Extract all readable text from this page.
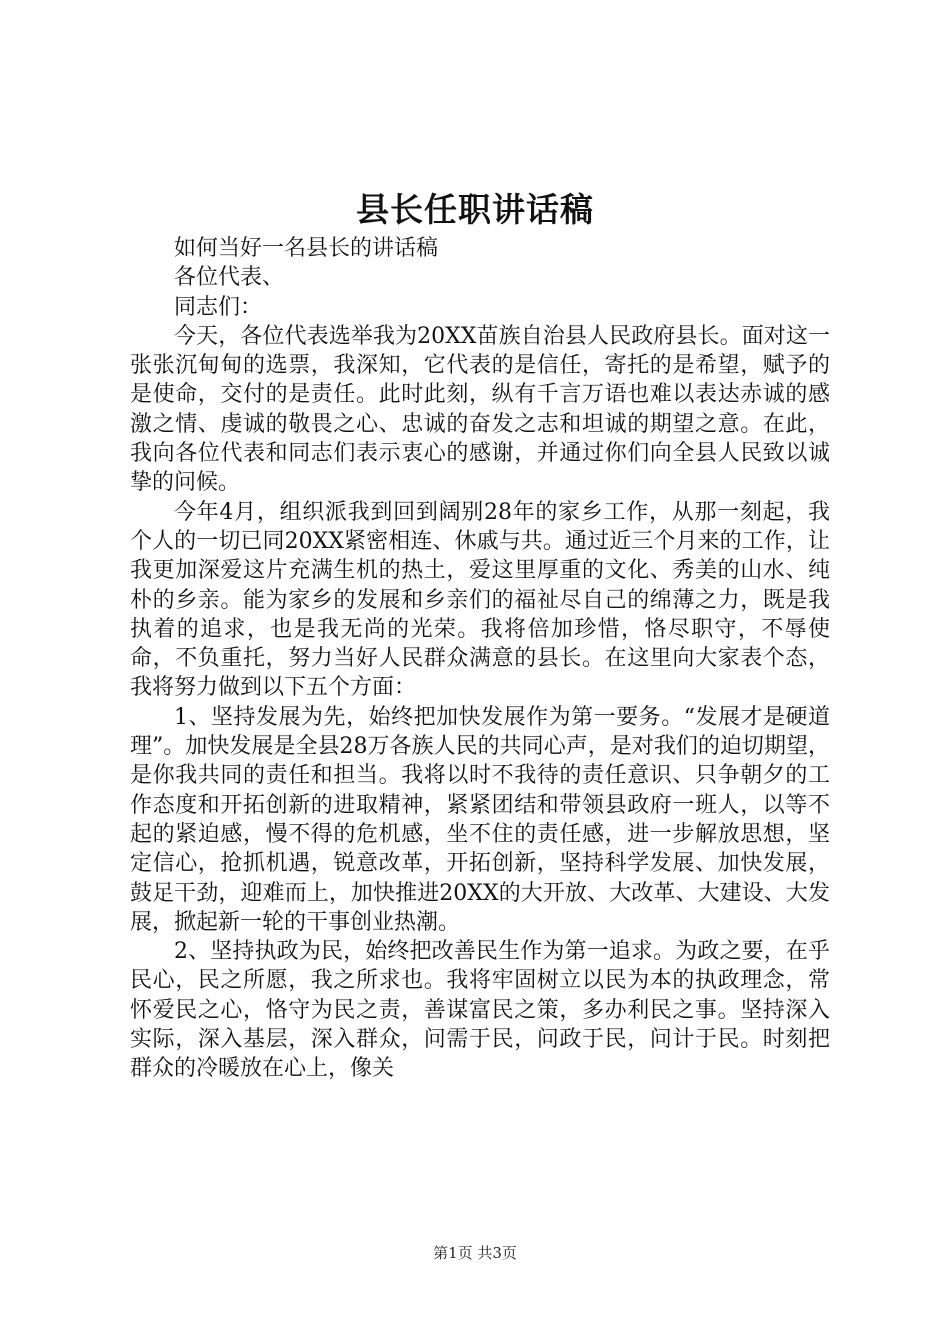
县长任职讲话稿

如何当好一名县长的讲话稿

各位代表、

同志们：

今天，各位代表选举我为20XX苗族自治县人民政府县长。面对这一张张沉甸甸的选票，我深知，它代表的是信任，寄托的是希望，赋予的是使命，交付的是责任。此时此刻，纵有千言万语也难以表达赤诚的感激之情、虔诚的敬畏之心、忠诚的奋发之志和坦诚的期望之意。在此，我向各位代表和同志们表示衷心的感谢，并通过你们向全县人民致以诚挚的问候。

今年4月，组织派我到回到阔别28年的家乡工作，从那一刻起，我个人的一切已同20XX紧密相连、休戚与共。通过近三个月来的工作，让我更加深爱这片充满生机的热土，爱这里厚重的文化、秀美的山水、纯朴的乡亲。能为家乡的发展和乡亲们的福祉尽自己的绵薄之力，既是我执着的追求，也是我无尚的光荣。我将倍加珍惜，恪尽职守，不辱使命，不负重托，努力当好人民群众满意的县长。在这里向大家表个态，我将努力做到以下五个方面：

1、坚持发展为先，始终把加快发展作为第一要务。“发展才是硬道理”。加快发展是全县28万各族人民的共同心声，是对我们的迫切期望，是你我共同的责任和担当。我将以时不我待的责任意识、只争朝夕的工作态度和开拓创新的进取精神，紧紧团结和带领县政府一班人，以等不起的紧迫感，慢不得的危机感，坐不住的责任感，进一步解放思想，坚定信心，抢抓机遇，锐意改革，开拓创新，坚持科学发展、加快发展，鼓足干劲，迎难而上，加快推进20XX的大开放、大改革、大建设、大发展，掀起新一轮的干事创业热潮。

2、坚持执政为民，始终把改善民生作为第一追求。为政之要，在乎民心，民之所愿，我之所求也。我将牢固树立以民为本的执政理念，常怀爱民之心，恪守为民之责，善谋富民之策，多办利民之事。坚持深入实际，深入基层，深入群众，问需于民，问政于民，问计于民。时刻把群众的冷暖放在心上，像关

第1页 共3页
